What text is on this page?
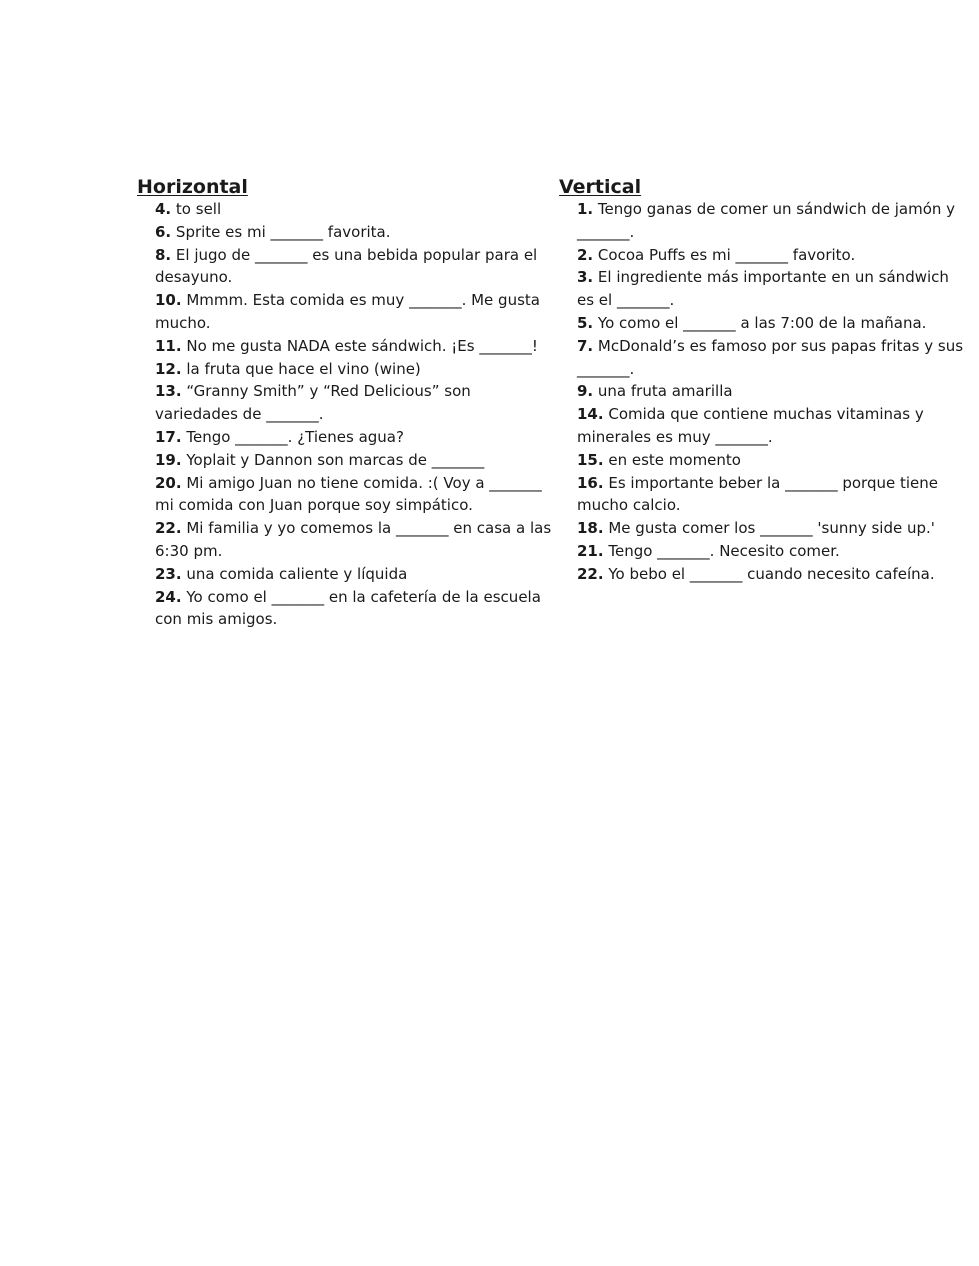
Horizontal
4. to sell
6. Sprite es mi _______ favorita.
8. El jugo de _______ es una bebida popular para el desayuno.
10. Mmmm. Esta comida es muy _______. Me gusta mucho.
11. No me gusta NADA este sándwich. ¡Es _______!
12. la fruta que hace el vino (wine)
13. “Granny Smith” y “Red Delicious” son variedades de _______.
17. Tengo _______. ¿Tienes agua?
19. Yoplait y Dannon son marcas de _______
20. Mi amigo Juan no tiene comida. :( Voy a _______ mi comida con Juan porque soy simpático.
22. Mi familia y yo comemos la _______ en casa a las 6:30 pm.
23. una comida caliente y líquida
24. Yo como el _______ en la cafetería de la escuela con mis amigos.
Vertical
1. Tengo ganas de comer un sándwich de jamón y _______.
2. Cocoa Puffs es mi _______ favorito.
3. El ingrediente más importante en un sándwich es el _______.
5. Yo como el _______ a las 7:00 de la mañana.
7. McDonald’s es famoso por sus papas fritas y sus _______.
9. una fruta amarilla
14. Comida que contiene muchas vitaminas y minerales es muy _______.
15. en este momento
16. Es importante beber la _______ porque tiene mucho calcio.
18. Me gusta comer los _______ 'sunny side up.'
21. Tengo _______. Necesito comer.
22. Yo bebo el _______ cuando necesito cafeína.
